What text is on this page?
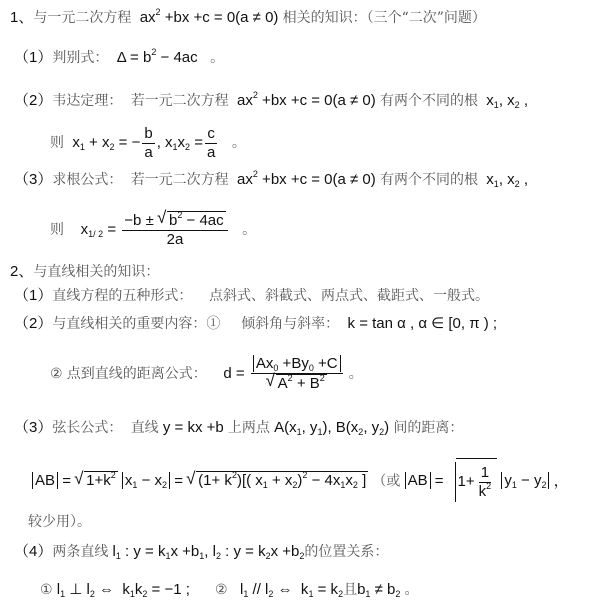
1、与一元二次方程 $ax^2 +bx +c = 0(a \ne 0)$ 相关的知识：（三个“二次”问题）
（1）判别式： $\Delta = b^2 - 4ac$ 。
（2）韦达定理： 若一元二次方程 $ax^2 +bx +c = 0(a \ne 0)$ 有两个不同的根 $x_1$, $x_2$ ,
则 $x_1 + x_2$ = − $\frac{b}{a}$ , $x_1x_2 = \frac{c}{a}$ 。
（3）求根公式： 若一元二次方程 $ax^2 +bx +c = 0(a \ne 0)$ 有两个不同的根 $x_1$, $x_2$ ,
则 $x_{1/ 2} = \frac{-b \pm √ b^2 - 4ac}{2a}$ 。
2、与直线相关的知识：
（1）直线方程的五种形式： 点斜式、斜截式、两点式、截距式、一般式。
（2）与直线相关的重要内容：① 倾斜角与斜率： k = tan α , α ∈ [0, π ) ;
② 点到直线的距离公式： $d = Ax_0 +By_0 +C$
√ $A^2 + B^2$ 。
（3）弦长公式： 直线 y = kx +b 上两点 $A(x_1$, $y_1$), $B(x_2$, $y_2$) 间的距离：
AB = √ $1+k^2$ $x_1 - x_2$ = √ $(1+ k^2)$[( $x_1 + x_2)^2 - 4x_1x_2$ ] （或 AB = $1+ \frac{1}{k^2} y_1 - y_2$ ，
较少用）。
（4）两条直线 $l_1$ : $y = k_1x +b_1$, $l_2$ : $y = k_2x +b_2$的位置关系：
① $l_1$ ⊥ $l_2$ ⇔  $k_1k_2 = -1$ ; ② $l_1 // l_2$ ⇔  $k_1 = k_2$且$b_1 \ne b_2$ 。
